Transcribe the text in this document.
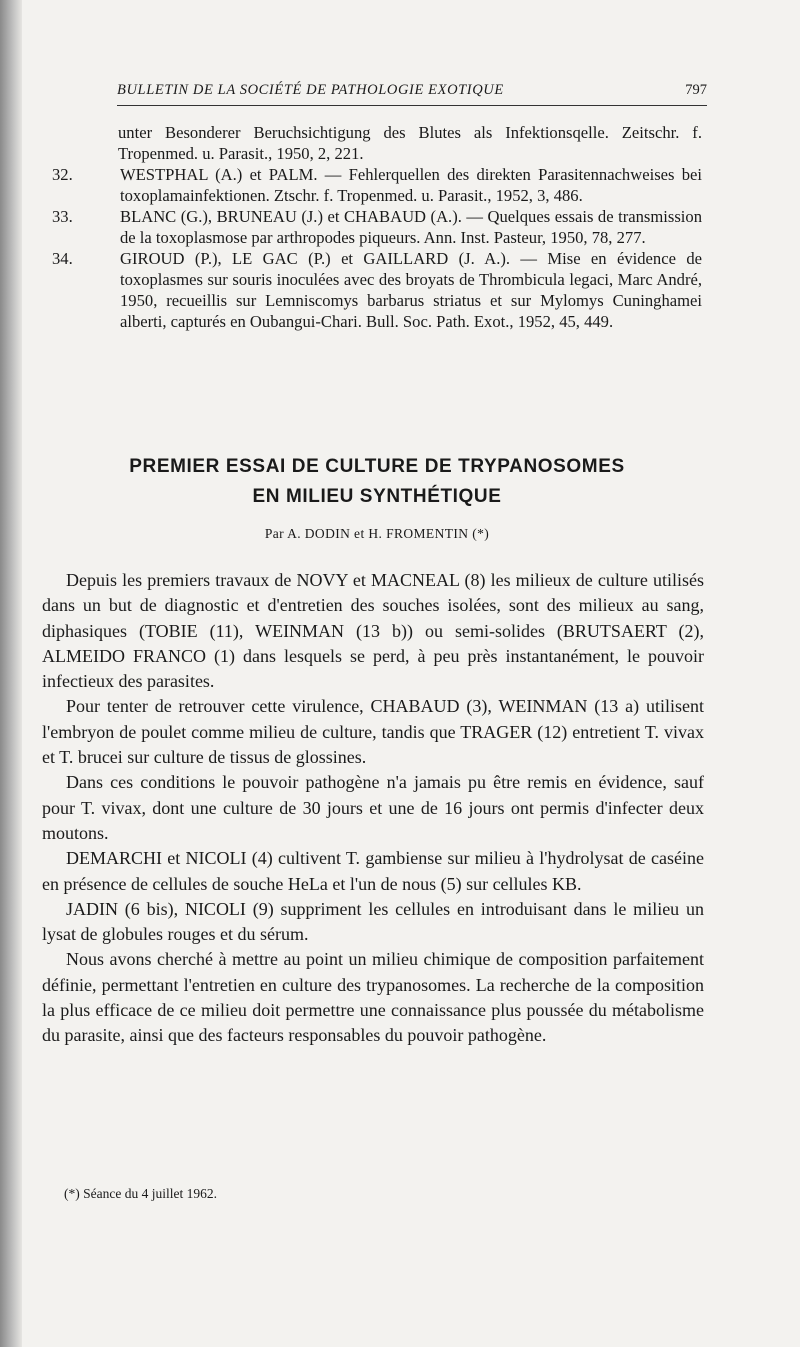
BULLETIN DE LA SOCIÉTÉ DE PATHOLOGIE EXOTIQUE	797
unter Besonderer Beruchsichtigung des Blutes als Infektionsqelle. Zeitschr. f. Tropenmed. u. Parasit., 1950, 2, 221.
32.	WESTPHAL (A.) et PALM. — Fehlerquellen des direkten Parasitennachweises bei toxoplamainfektionen. Ztschr. f. Tropenmed. u. Parasit., 1952, 3, 486.
33.	BLANC (G.), BRUNEAU (J.) et CHABAUD (A.). — Quelques essais de transmission de la toxoplasmose par arthropodes piqueurs. Ann. Inst. Pasteur, 1950, 78, 277.
34.	GIROUD (P.), LE GAC (P.) et GAILLARD (J. A.). — Mise en évidence de toxoplasmes sur souris inoculées avec des broyats de Thrombicula legaci, Marc André, 1950, recueillis sur Lemniscomys barbarus striatus et sur Mylomys Cuninghamei alberti, capturés en Oubangui-Chari. Bull. Soc. Path. Exot., 1952, 45, 449.
PREMIER ESSAI DE CULTURE DE TRYPANOSOMES
EN MILIEU SYNTHÉTIQUE
Par A. DODIN et H. FROMENTIN (*)

Depuis les premiers travaux de NOVY et MACNEAL (8) les milieux de culture utilisés dans un but de diagnostic et d'entretien des souches isolées, sont des milieux au sang, diphasiques (TOBIE (11), WEINMAN (13 b)) ou semi-solides (BRUTSAERT (2), ALMEIDO FRANCO (1) dans lesquels se perd, à peu près instantanément, le pouvoir infectieux des parasites.

Pour tenter de retrouver cette virulence, CHABAUD (3), WEINMAN (13 a) utilisent l'embryon de poulet comme milieu de culture, tandis que TRAGER (12) entretient T. vivax et T. brucei sur culture de tissus de glossines.

Dans ces conditions le pouvoir pathogène n'a jamais pu être remis en évidence, sauf pour T. vivax, dont une culture de 30 jours et une de 16 jours ont permis d'infecter deux moutons.

DEMARCHI et NICOLI (4) cultivent T. gambiense sur milieu à l'hydrolysat de caséine en présence de cellules de souche HeLa et l'un de nous (5) sur cellules KB.

JADIN (6 bis), NICOLI (9) suppriment les cellules en introduisant dans le milieu un lysat de globules rouges et du sérum.

Nous avons cherché à mettre au point un milieu chimique de composition parfaitement définie, permettant l'entretien en culture des trypanosomes. La recherche de la composition la plus efficace de ce milieu doit permettre une connaissance plus poussée du métabolisme du parasite, ainsi que des facteurs responsables du pouvoir pathogène.

(*) Séance du 4 juillet 1962.
